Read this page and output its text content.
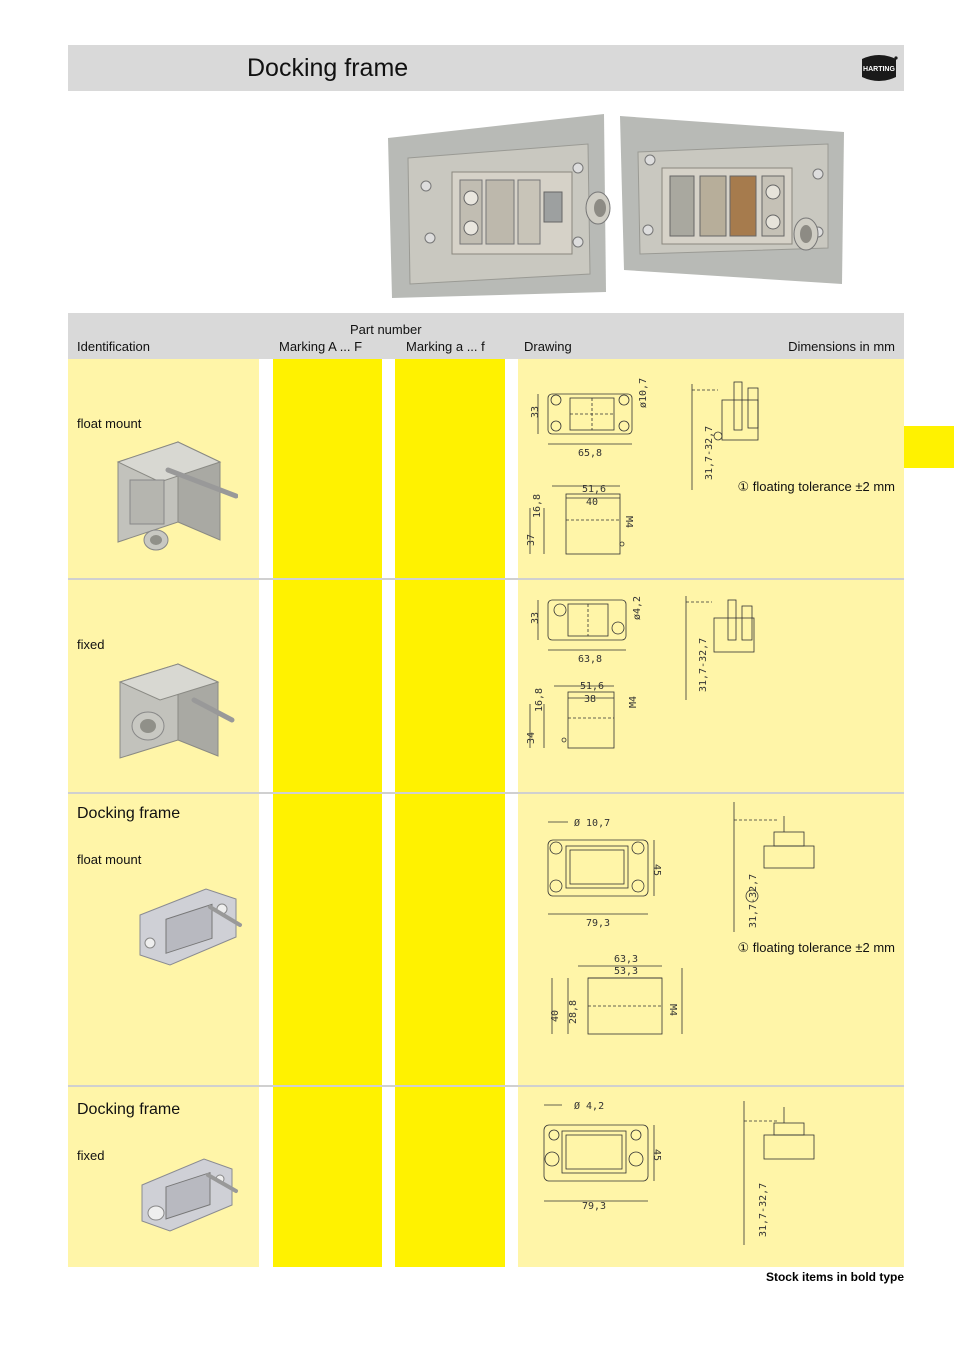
Docking frame	HARTING
Part number
Identification	Marking A ... F	Marking a ... f	Drawing	Dimensions in mm
float mount
33
ø10,7
65,8
51,6
40
16,8
37
M4
31,7-32,7
① floating tolerance ±2 mm
fixed
33	ø4,2
63,8
51,6
38
16,8
34
M4
31,7-32,7
Docking frame
float mount
Ø 10,7
45
79,3
63,3
53,3
40 28,8	M4
31,7-32,7
① floating tolerance ±2 mm
Docking frame
fixed
Ø 4,2
45
79,3	31,7-32,7
Stock items in bold type
